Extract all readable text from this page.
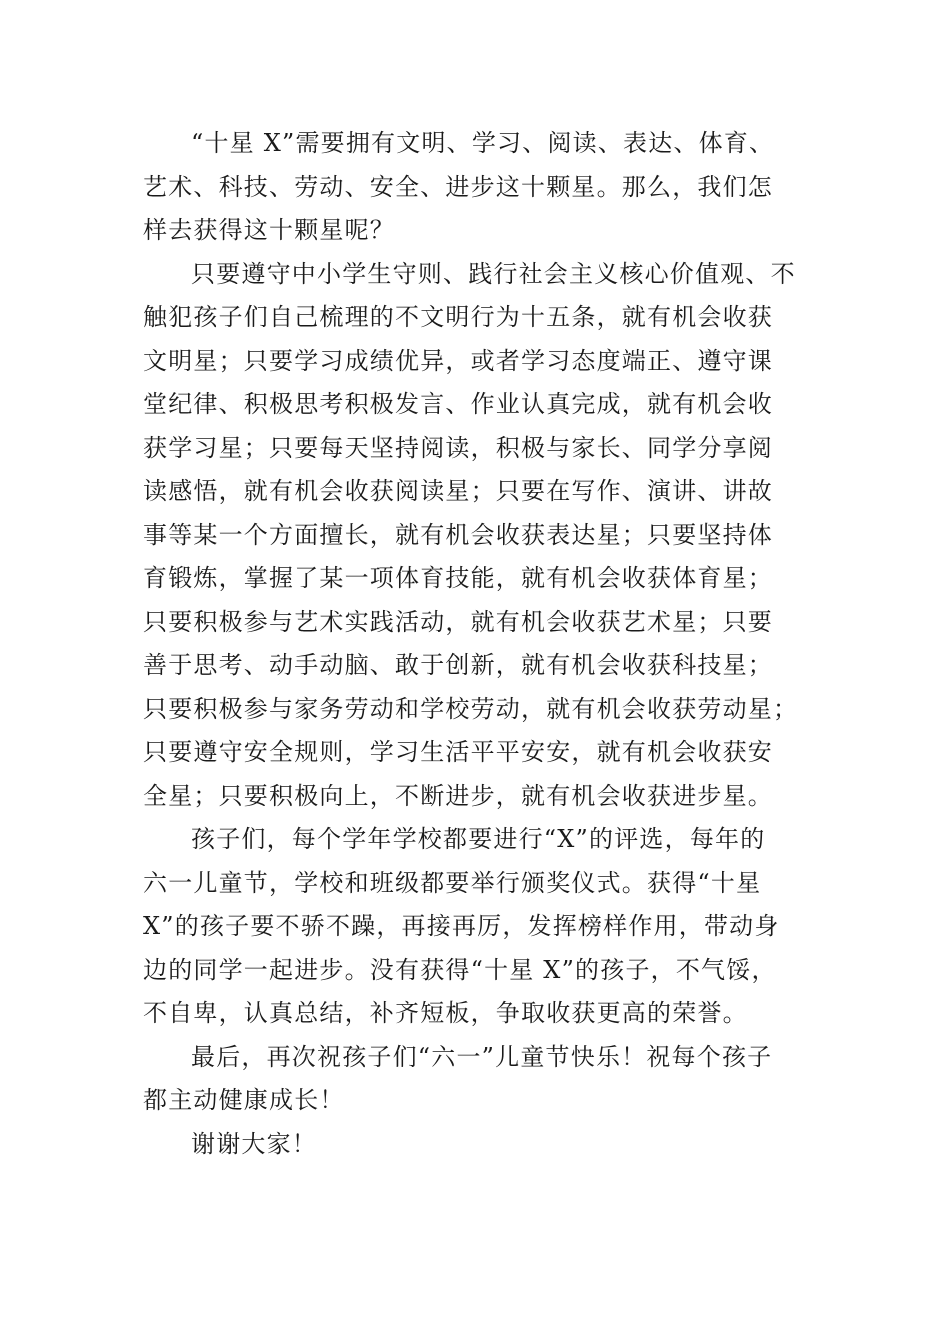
“十星 X”需要拥有文明、学习、阅读、表达、体育、
艺术、科技、劳动、安全、进步这十颗星。那么，我们怎
样去获得这十颗星呢？
只要遵守中小学生守则、践行社会主义核心价值观、不
触犯孩子们自己梳理的不文明行为十五条，就有机会收获
文明星；只要学习成绩优异，或者学习态度端正、遵守课
堂纪律、积极思考积极发言、作业认真完成，就有机会收
获学习星；只要每天坚持阅读，积极与家长、同学分享阅
读感悟，就有机会收获阅读星；只要在写作、演讲、讲故
事等某一个方面擅长，就有机会收获表达星；只要坚持体
育锻炼，掌握了某一项体育技能，就有机会收获体育星；
只要积极参与艺术实践活动，就有机会收获艺术星；只要
善于思考、动手动脑、敢于创新，就有机会收获科技星；
只要积极参与家务劳动和学校劳动，就有机会收获劳动星；
只要遵守安全规则，学习生活平平安安，就有机会收获安
全星；只要积极向上，不断进步，就有机会收获进步星。
孩子们，每个学年学校都要进行“X”的评选，每年的
六一儿童节，学校和班级都要举行颁奖仪式。获得“十星
X”的孩子要不骄不躁，再接再厉，发挥榜样作用，带动身
边的同学一起进步。没有获得“十星 X”的孩子，不气馁，
不自卑，认真总结，补齐短板，争取收获更高的荣誉。
最后，再次祝孩子们“六一”儿童节快乐！祝每个孩子
都主动健康成长！
谢谢大家！
